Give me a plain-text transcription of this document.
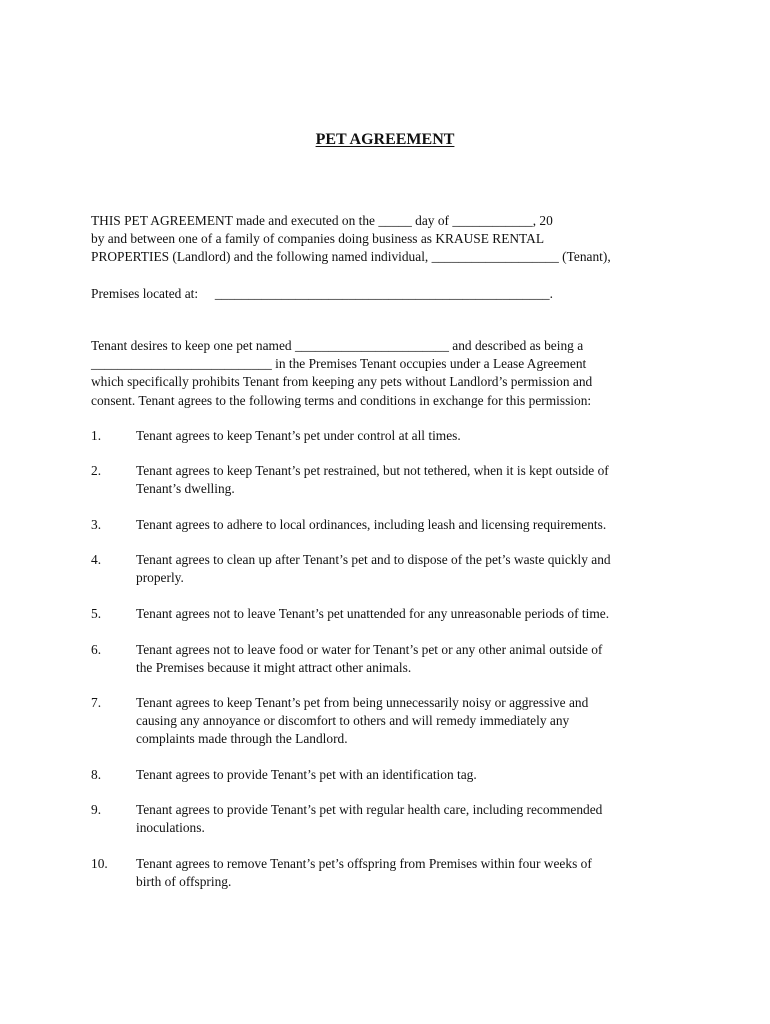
PET AGREEMENT
THIS PET AGREEMENT made and executed on the _____ day of ____________, 20
by and between one of a family of companies doing business as KRAUSE RENTAL
PROPERTIES (Landlord) and the following named individual, ___________________ (Tenant),
Premises located at: __________________________________________________.
Tenant desires to keep one pet named _______________________ and described as being a
___________________________ in the Premises Tenant occupies under a Lease Agreement
which specifically prohibits Tenant from keeping any pets without Landlord’s permission and
consent. Tenant agrees to the following terms and conditions in exchange for this permission:
1.	Tenant agrees to keep Tenant’s pet under control at all times.
2.	Tenant agrees to keep Tenant’s pet restrained, but not tethered, when it is kept outside of
Tenant’s dwelling.
3.	Tenant agrees to adhere to local ordinances, including leash and licensing requirements.
4.	Tenant agrees to clean up after Tenant’s pet and to dispose of the pet’s waste quickly and
properly.
5.	Tenant agrees not to leave Tenant’s pet unattended for any unreasonable periods of time.
6.	Tenant agrees not to leave food or water for Tenant’s pet or any other animal outside of
the Premises because it might attract other animals.
7.	Tenant agrees to keep Tenant’s pet from being unnecessarily noisy or aggressive and
causing any annoyance or discomfort to others and will remedy immediately any
complaints made through the Landlord.
8.	Tenant agrees to provide Tenant’s pet with an identification tag.
9.	Tenant agrees to provide Tenant’s pet with regular health care, including recommended
inoculations.
10. Tenant agrees to remove Tenant’s pet’s offspring from Premises within four weeks of
birth of offspring.
